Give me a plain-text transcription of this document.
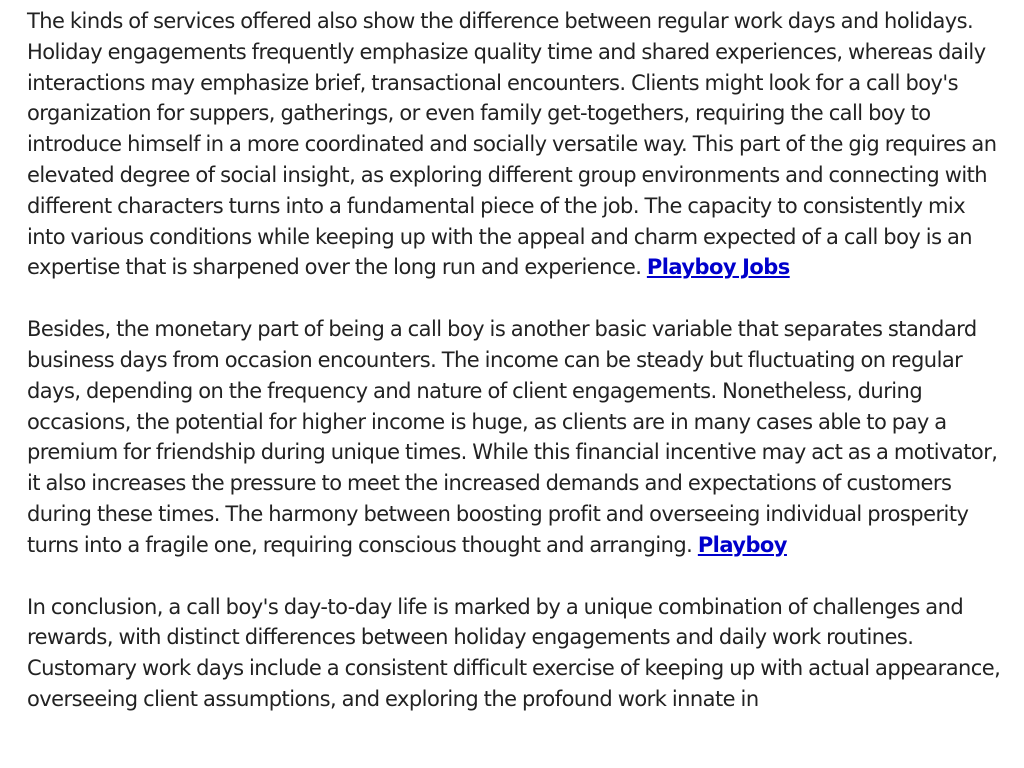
The kinds of services offered also show the difference between regular work days and holidays. Holiday engagements frequently emphasize quality time and shared experiences, whereas daily interactions may emphasize brief, transactional encounters. Clients might look for a call boy's organization for suppers, gatherings, or even family get-togethers, requiring the call boy to introduce himself in a more coordinated and socially versatile way. This part of the gig requires an elevated degree of social insight, as exploring different group environments and connecting with different characters turns into a fundamental piece of the job. The capacity to consistently mix into various conditions while keeping up with the appeal and charm expected of a call boy is an expertise that is sharpened over the long run and experience. Playboy Jobs

Besides, the monetary part of being a call boy is another basic variable that separates standard business days from occasion encounters. The income can be steady but fluctuating on regular days, depending on the frequency and nature of client engagements. Nonetheless, during occasions, the potential for higher income is huge, as clients are in many cases able to pay a premium for friendship during unique times. While this financial incentive may act as a motivator, it also increases the pressure to meet the increased demands and expectations of customers during these times. The harmony between boosting profit and overseeing individual prosperity turns into a fragile one, requiring conscious thought and arranging. Playboy

In conclusion, a call boy's day-to-day life is marked by a unique combination of challenges and rewards, with distinct differences between holiday engagements and daily work routines. Customary work days include a consistent difficult exercise of keeping up with actual appearance, overseeing client assumptions, and exploring the profound work innate in
